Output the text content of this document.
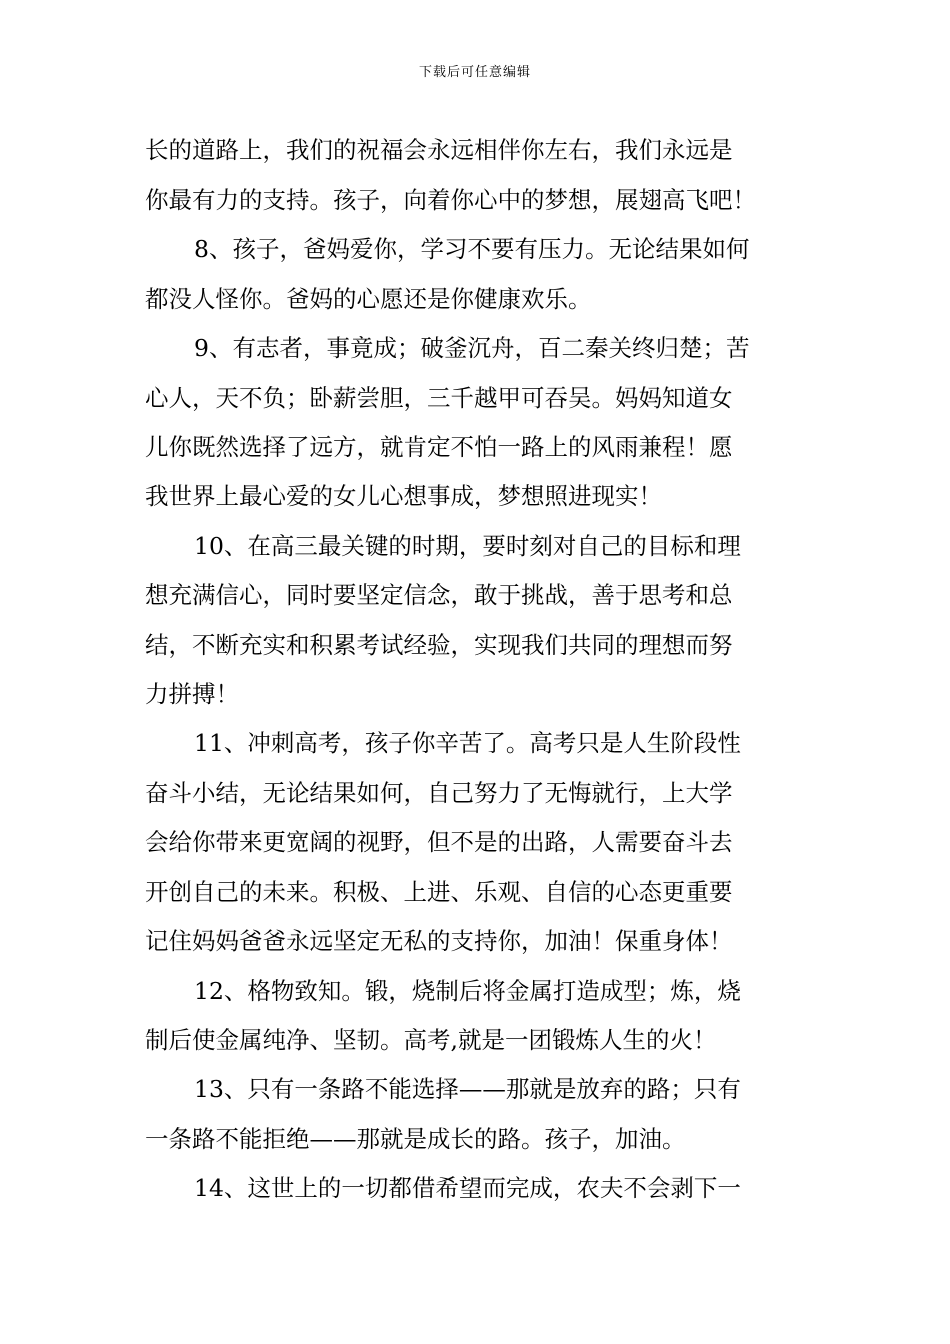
下载后可任意编辑
长的道路上，我们的祝福会永远相伴你左右，我们永远是
你最有力的支持。孩子，向着你心中的梦想，展翅高飞吧！
8、孩子，爸妈爱你，学习不要有压力。无论结果如何
都没人怪你。爸妈的心愿还是你健康欢乐。
9、有志者，事竟成；破釜沉舟，百二秦关终归楚；苦
心人，天不负；卧薪尝胆，三千越甲可吞吴。妈妈知道女
儿你既然选择了远方，就肯定不怕一路上的风雨兼程！愿
我世界上最心爱的女儿心想事成，梦想照进现实！
10、在高三最关键的时期，要时刻对自己的目标和理
想充满信心，同时要坚定信念，敢于挑战，善于思考和总
结，不断充实和积累考试经验，实现我们共同的理想而努
力拼搏！
11、冲刺高考，孩子你辛苦了。高考只是人生阶段性
奋斗小结，无论结果如何，自己努力了无悔就行，上大学
会给你带来更宽阔的视野，但不是的出路，人需要奋斗去
开创自己的未来。积极、上进、乐观、自信的心态更重要
记住妈妈爸爸永远坚定无私的支持你，加油！保重身体！
12、格物致知。锻，烧制后将金属打造成型；炼，烧
制后使金属纯净、坚韧。高考,就是一团锻炼人生的火！
13、只有一条路不能选择——那就是放弃的路；只有
一条路不能拒绝——那就是成长的路。孩子，加油。
14、这世上的一切都借希望而完成，农夫不会剥下一
